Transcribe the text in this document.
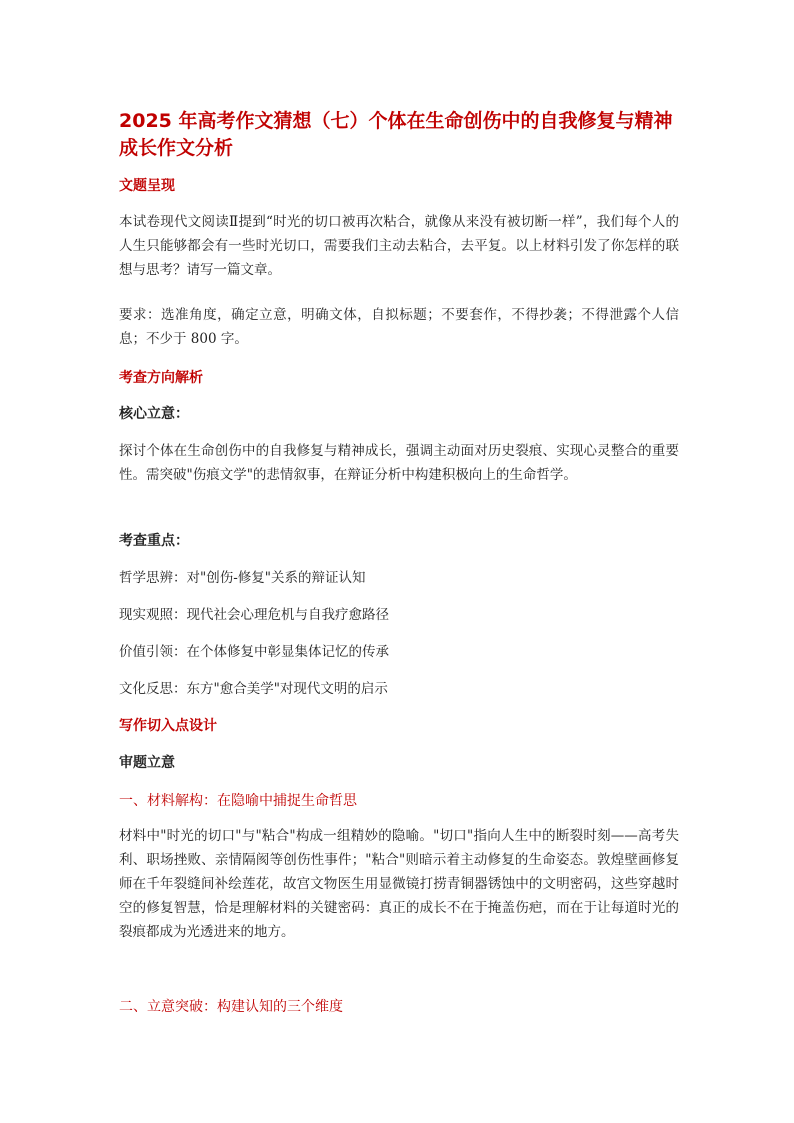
2025 年高考作文猜想（七）个体在生命创伤中的自我修复与精神成长作文分析
文题呈现
本试卷现代文阅读Ⅱ提到“时光的切口被再次粘合，就像从来没有被切断一样”，我们每个人的人生只能够都会有一些时光切口，需要我们主动去粘合，去平复。以上材料引发了你怎样的联想与思考？请写一篇文章。
要求：选准角度，确定立意，明确文体，自拟标题；不要套作，不得抄袭；不得泄露个人信息；不少于 800 字。
考查方向解析
核心立意：
探讨个体在生命创伤中的自我修复与精神成长，强调主动面对历史裂痕、实现心灵整合的重要性。需突破"伤痕文学"的悲情叙事，在辩证分析中构建积极向上的生命哲学。
考查重点：
哲学思辨：对"创伤-修复"关系的辩证认知
现实观照：现代社会心理危机与自我疗愈路径
价值引领：在个体修复中彰显集体记忆的传承
文化反思：东方"愈合美学"对现代文明的启示
写作切入点设计
审题立意
一、材料解构：在隐喻中捕捉生命哲思
材料中"时光的切口"与"粘合"构成一组精妙的隐喻。"切口"指向人生中的断裂时刻——高考失利、职场挫败、亲情隔阂等创伤性事件；"粘合"则暗示着主动修复的生命姿态。敦煌壁画修复师在千年裂缝间补绘莲花，故宫文物医生用显微镜打捞青铜器锈蚀中的文明密码，这些穿越时空的修复智慧，恰是理解材料的关键密码：真正的成长不在于掩盖伤疤，而在于让每道时光的裂痕都成为光透进来的地方。
二、立意突破：构建认知的三个维度
